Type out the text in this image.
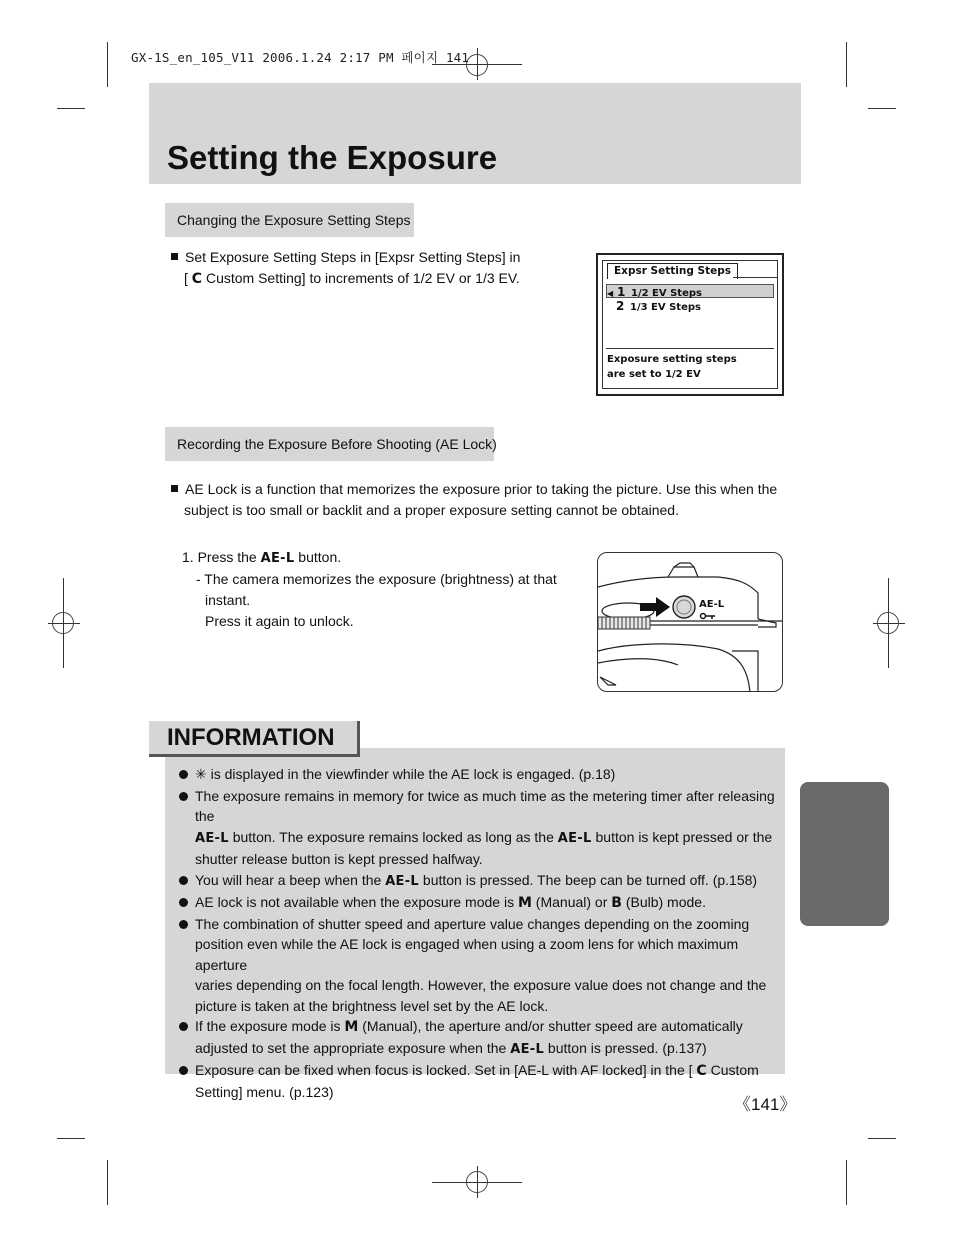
GX-1S_en_105_V11 2006.1.24 2:17 PM 페이지 141
Setting the Exposure
Changing the Exposure Setting Steps
Set Exposure Setting Steps in [Expsr Setting Steps] in
[ C Custom Setting] to increments of 1/2 EV or 1/3 EV.	Expsr Setting Steps
◀ 1 1/2 EV Steps
2 1/3 EV Steps
Exposure setting steps
are set to 1/2 EV
Recording the Exposure Before Shooting (AE Lock)
AE Lock is a function that memorizes the exposure prior to taking the picture. Use this when the
subject is too small or backlit and a proper exposure setting cannot be obtained.
1. Press the AE-L button.
- The camera memorizes the exposure (brightness) at that
instant.
Press it again to unlock.
AE-L
✳ is displayed in the viewfinder while the AE lock is engaged. (p.18)
The exposure remains in memory for twice as much time as the metering timer after releasing the
AE-L button. The exposure remains locked as long as the AE-L button is kept pressed or the
shutter release button is kept pressed halfway.
You will hear a beep when the AE-L button is pressed. The beep can be turned off. (p.158)
AE lock is not available when the exposure mode is M (Manual) or B (Bulb) mode.
The combination of shutter speed and aperture value changes depending on the zooming
position even while the AE lock is engaged when using a zoom lens for which maximum aperture
varies depending on the focal length. However, the exposure value does not change and the
picture is taken at the brightness level set by the AE lock.
If the exposure mode is M (Manual), the aperture and/or shutter speed are automatically
adjusted to set the appropriate exposure when the AE-L button is pressed. (p.137)
Exposure can be fixed when focus is locked. Set in [AE-L with AF locked] in the [ C Custom
Setting] menu. (p.123)
INFORMATION
《141》
